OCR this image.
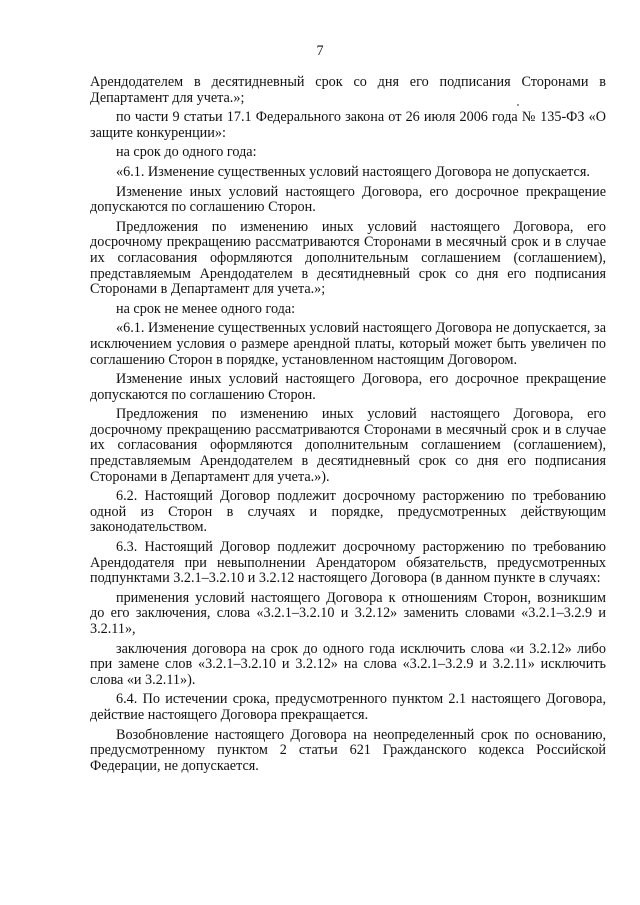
7

Арендодателем в десятидневный срок со дня его подписания Сторонами в Департамент для учета.»;

по части 9 статьи 17.1 Федерального закона от 26 июля 2006 года № 135-ФЗ «О защите конкуренции»:

на срок до одного года:

«6.1. Изменение существенных условий настоящего Договора не допускается.

Изменение иных условий настоящего Договора, его досрочное прекращение допускаются по соглашению Сторон.

Предложения по изменению иных условий настоящего Договора, его досрочному прекращению рассматриваются Сторонами в месячный срок и в случае их согласования оформляются дополнительным соглашением (соглашением), представляемым Арендодателем в десятидневный срок со дня его подписания Сторонами в Департамент для учета.»;

на срок не менее одного года:

«6.1. Изменение существенных условий настоящего Договора не допускается, за исключением условия о размере арендной платы, который может быть увеличен по соглашению Сторон в порядке, установленном настоящим Договором.

Изменение иных условий настоящего Договора, его досрочное прекращение допускаются по соглашению Сторон.

Предложения по изменению иных условий настоящего Договора, его досрочному прекращению рассматриваются Сторонами в месячный срок и в случае их согласования оформляются дополнительным соглашением (соглашением), представляемым Арендодателем в десятидневный срок со дня его подписания Сторонами в Департамент для учета.»).

6.2. Настоящий Договор подлежит досрочному расторжению по требованию одной из Сторон в случаях и порядке, предусмотренных действующим законодательством.

6.3. Настоящий Договор подлежит досрочному расторжению по требованию Арендодателя при невыполнении Арендатором обязательств, предусмотренных подпунктами 3.2.1–3.2.10 и 3.2.12 настоящего Договора (в данном пункте в случаях:

применения условий настоящего Договора к отношениям Сторон, возникшим до его заключения, слова «3.2.1–3.2.10 и 3.2.12» заменить словами «3.2.1–3.2.9 и 3.2.11»,

заключения договора на срок до одного года исключить слова «и 3.2.12» либо при замене слов «3.2.1–3.2.10 и 3.2.12» на слова «3.2.1–3.2.9 и 3.2.11» исключить слова «и 3.2.11»).

6.4. По истечении срока, предусмотренного пунктом 2.1 настоящего Договора, действие настоящего Договора прекращается.

Возобновление настоящего Договора на неопределенный срок по основанию, предусмотренному пунктом 2 статьи 621 Гражданского кодекса Российской Федерации, не допускается.
